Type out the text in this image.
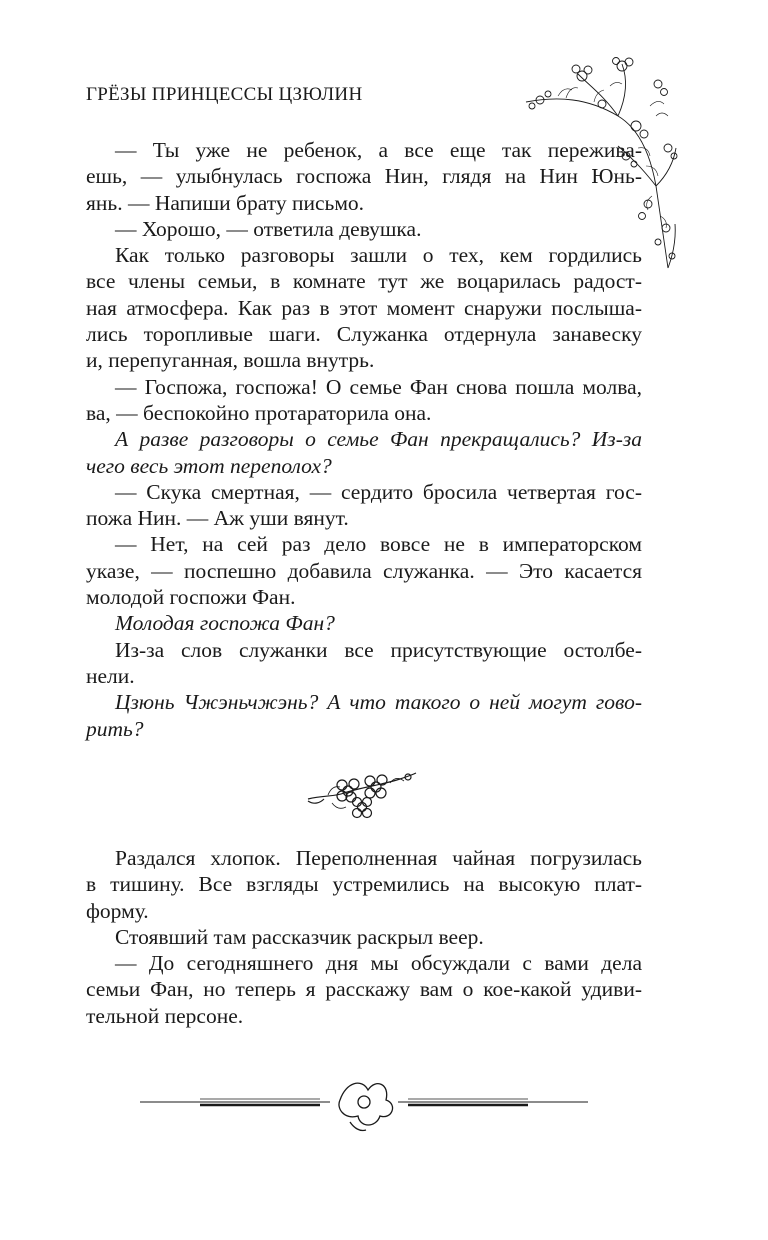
ГРЁЗЫ ПРИНЦЕССЫ ЦЗЮЛИН
— Ты уже не ребенок, а все еще так пережива-
ешь, — улыбнулась госпожа Нин, глядя на Нин Юнь-
янь. — Напиши брату письмо.
— Хорошо, — ответила девушка.
Как только разговоры зашли о тех, кем гордились
все члены семьи, в комнате тут же воцарилась радост-
ная атмосфера. Как раз в этот момент снаружи послыша-
лись торопливые шаги. Служанка отдернула занавеску
и, перепуганная, вошла внутрь.
— Госпожа, госпожа! О семье Фан снова пошла молва,
ва, — беспокойно протараторила она.
А разве разговоры о семье Фан прекращались? Из-за
чего весь этот переполох?
— Скука смертная, — сердито бросила четвертая гос-
пожа Нин. — Аж уши вянут.
— Нет, на сей раз дело вовсе не в императорском
указе, — поспешно добавила служанка. — Это касается
молодой госпожи Фан.
Молодая госпожа Фан?
Из-за слов служанки все присутствующие остолбе-
нели.
Цзюнь Чжэньчжэнь? А что такого о ней могут гово-
рить?
Раздался хлопок. Переполненная чайная погрузилась
в тишину. Все взгляды устремились на высокую плат-
форму.
Стоявший там рассказчик раскрыл веер.
— До сегодняшнего дня мы обсуждали с вами дела
семьи Фан, но теперь я расскажу вам о кое-какой удиви-
тельной персоне.
